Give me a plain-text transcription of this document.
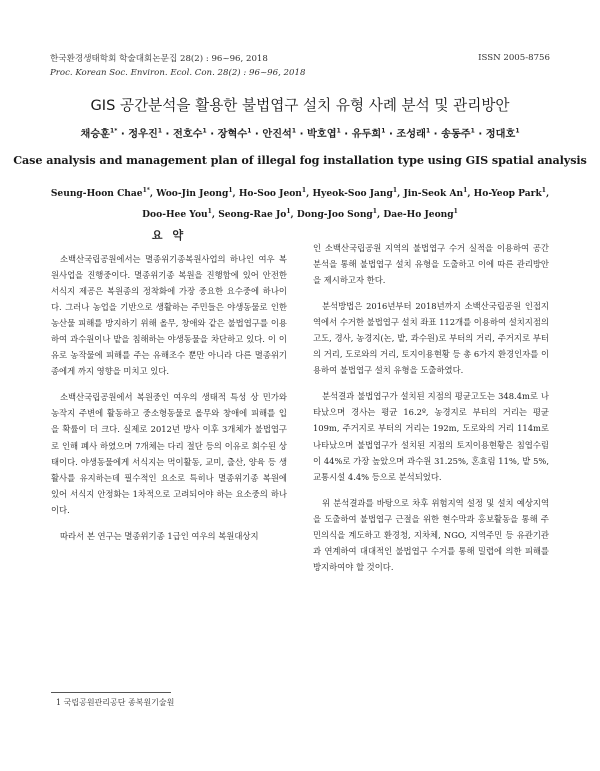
한국환경생태학회 학술대회논문집 28(2) : 96~96, 2018
Proc. Korean Soc. Environ. Ecol. Con. 28(2) : 96~96, 2018
ISSN 2005-8756
GIS 공간분석을 활용한 불법엽구 설치 유형 사례 분석 및 관리방안
채승훈$^{1*}$ · 정우진$^1$ · 전호수$^1$ · 장혁수$^1$ · 안진석$^1$ · 박호엽$^1$ · 유두희$^1$ · 조성래$^1$ · 송동주$^1$ · 정대호$^1$
Case analysis and management plan of illegal fog installation type using GIS spatial analysis
Seung-Hoon Chae$^{1*}$, Woo-Jin Jeong$^1$, Ho-Soo Jeon$^1$, Hyeok-Soo Jang$^1$, Jin-Seok An$^1$, Ho-Yeop Park$^1$,
Doo-Hee You$^1$, Seong-Rae Jo$^1$, Dong-Joo Song$^1$, Dae-Ho Jeong$^1$
요 약

소백산국립공원에서는 멸종위기종복원사업의 하나인 여우 복원사업을 진행중이다. 멸종위기종 복원을 진행함에 있어 안전한 서식지 제공은 복원종의 정착화에 가장 중요한 요수중에 하나이다. 그러나 농업을 기반으로 생활하는 주민들은 야생동물로 인한 농산물 피해를 방지하기 위해 올무, 창애와 같은 불법엽구를 이용하여 과수원이나 밭을 침해하는 야생동물을 차단하고 있다. 이 이유로 농작물에 피해를 주는 유해조수 뿐만 아니라 다른 멸종위기종에게 까지 영향을 미치고 있다.

소백산국립공원에서 복원중인 여우의 생태적 특성 상 민가와 농작지 주변에 활동하고 중소형동물로 올무와 창애에 피해를 입을 확률이 더 크다. 실제로 2012년 방사 이후 3개체가 불법엽구로 인해 폐사 하였으며 7개체는 다리 절단 등의 이유로 회수된 상태이다. 야생동물에게 서식지는 먹이활동, 교미, 출산, 양육 등 생활사를 유지하는데 필수적인 요소로 특히나 멸종위기종 복원에 있어 서식지 안정화는 1차적으로 고려되어야 하는 요소중의 하나이다.

따라서 본 연구는 멸종위기종 1급인 여우의 복원대상지

인 소백산국립공원 지역의 불법엽구 수거 실적을 이용하여 공간분석을 통해 불법엽구 설치 유형을 도출하고 이에 따른 관리방안을 제시하고자 한다.

분석방법은 2016년부터 2018년까지 소백산국립공원 인접지역에서 수거한 불법엽구 설치 좌표 112개를 이용하여 설치지점의 고도, 경사, 농경지(논, 밭, 과수원)로 부터의 거리, 주거지로 부터의 거리, 도로와의 거리, 토지이용현황 등 총 6가지 환경인자를 이용하여 불법엽구 설치 유형을 도출하였다.

분석결과 불법엽구가 설치된 지점의 평균고도는 348.4m로 나타났으며 경사는 평균 16.2º, 농경지로 부터의 거리는 평균 109m, 주거지로 부터의 거리는 192m, 도로와의 거리 114m로 나타났으며 불법엽구가 설치된 지점의 토지이용현황은 침엽수림이 44%로 가장 높았으며 과수원 31.25%, 혼효림 11%, 밭 5%, 교통시설 4.4% 등으로 분석되었다.

위 분석결과를 바탕으로 차후 위험지역 설정 및 설치 예상지역을 도출하여 불법엽구 근절을 위한 현수막과 홍보활동을 통해 주민의식을 계도하고 환경청, 지차체, NGO, 지역주민 등 유관기관과 연계하여 대대적인 불법엽구 수거를 통해 밀렵에 의한 피해를 방지하여야 할 것이다.

1 국립공원관리공단 종복원기술원
